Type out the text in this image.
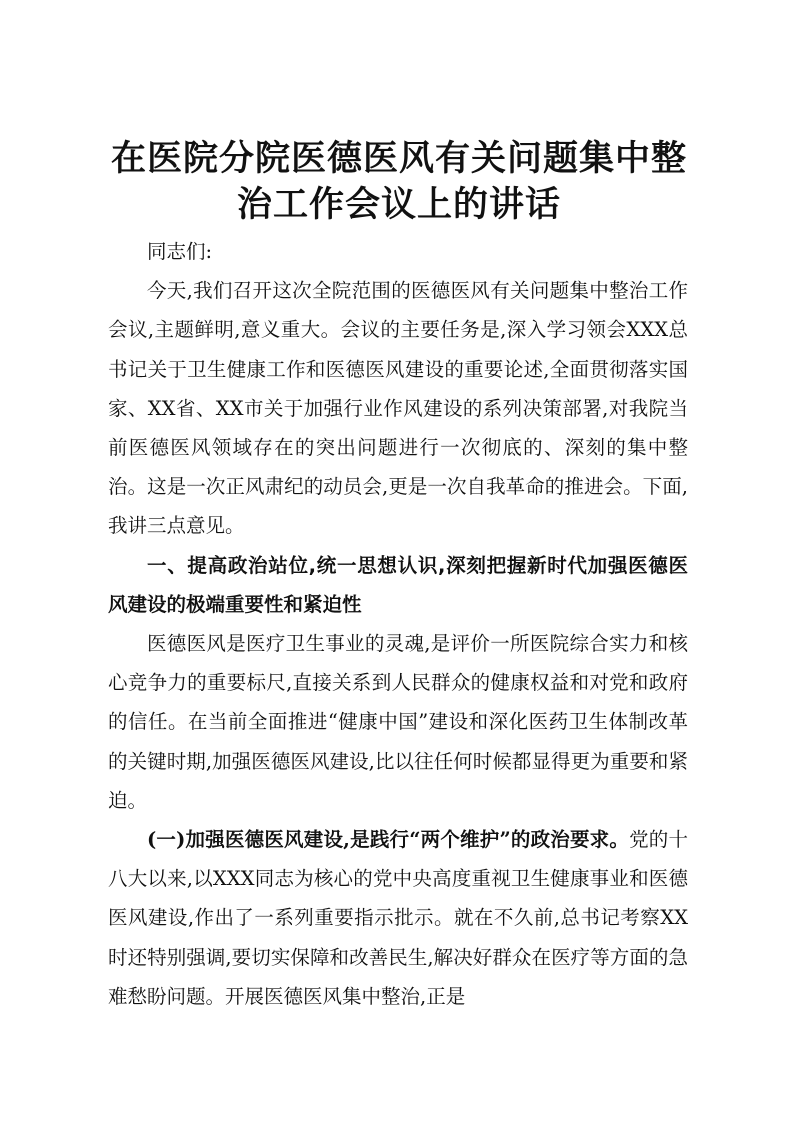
在医院分院医德医风有关问题集中整
治工作会议上的讲话

同志们:

今天,我们召开这次全院范围的医德医风有关问题集中整治工作会议,主题鲜明,意义重大。会议的主要任务是,深入学习领会XXX总书记关于卫生健康工作和医德医风建设的重要论述,全面贯彻落实国家、XX省、XX市关于加强行业作风建设的系列决策部署,对我院当前医德医风领域存在的突出问题进行一次彻底的、深刻的集中整治。这是一次正风肃纪的动员会,更是一次自我革命的推进会。下面,我讲三点意见。

一、提高政治站位,统一思想认识,深刻把握新时代加强医德医风建设的极端重要性和紧迫性

医德医风是医疗卫生事业的灵魂,是评价一所医院综合实力和核心竞争力的重要标尺,直接关系到人民群众的健康权益和对党和政府的信任。在当前全面推进“健康中国”建设和深化医药卫生体制改革的关键时期,加强医德医风建设,比以往任何时候都显得更为重要和紧迫。

(一)加强医德医风建设,是践行“两个维护”的政治要求。党的十八大以来,以XXX同志为核心的党中央高度重视卫生健康事业和医德医风建设,作出了一系列重要指示批示。就在不久前,总书记考察XX时还特别强调,要切实保障和改善民生,解决好群众在医疗等方面的急难愁盼问题。开展医德医风集中整治,正是
